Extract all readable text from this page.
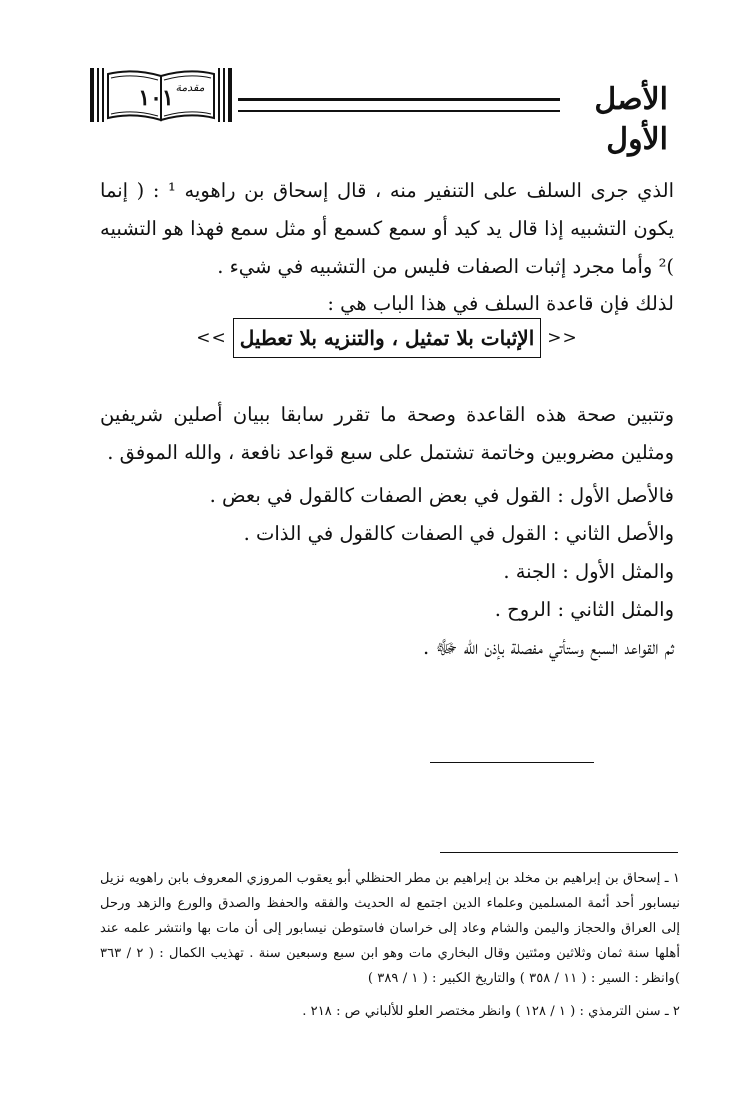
١٠١ مقدمة	الأصل الأول
الذي جرى السلف على التنفير منه ، قال إسحاق بن راهويه ¹ : ( إنما يكون التشبيه إذا قال يد كيد أو سمع كسمع أو مثل سمع فهذا هو التشبيه )² وأما مجرد إثبات الصفات فليس من التشبيه في شيء .
لذلك فإن قاعدة السلف في هذا الباب هي :
<<
الإثبات بلا تمثيل ، والتنزيه بلا تعطيل
>>
وتتبين صحة هذه القاعدة وصحة ما تقرر سابقا ببيان أصلين شريفين ومثلين مضروبين وخاتمة تشتمل على سبع قواعد نافعة ، والله الموفق .
فالأصل الأول : القول في بعض الصفات كالقول في بعض .
والأصل الثاني : القول في الصفات كالقول في الذات .
والمثل الأول : الجنة .
والمثل الثاني : الروح .
ثم القواعد السبع وستأتي مفصلة بإذن الله ﷻ .
١ ـ إسحاق بن إبراهيم بن مخلد بن إبراهيم بن مطر الحنظلي أبو يعقوب المروزي المعروف بابن راهويه نزيل نيسابور أحد أئمة المسلمين وعلماء الدين اجتمع له الحديث والفقه والحفظ والصدق والورع والزهد ورحل إلى العراق والحجاز واليمن والشام وعاد إلى خراسان فاستوطن نيسابور إلى أن مات بها وانتشر علمه عند أهلها سنة ثمان وثلاثين ومئتين وقال البخاري مات وهو ابن سبع وسبعين سنة . تهذيب الكمال : ( ٢ / ٣٦٣ )وانظر : السير : ( ١١ / ٣٥٨ ) والتاريخ الكبير : ( ١ / ٣٨٩ )
٢ ـ سنن الترمذي : ( ١ / ١٢٨ ) وانظر مختصر العلو للألباني ص : ٢١٨ .
